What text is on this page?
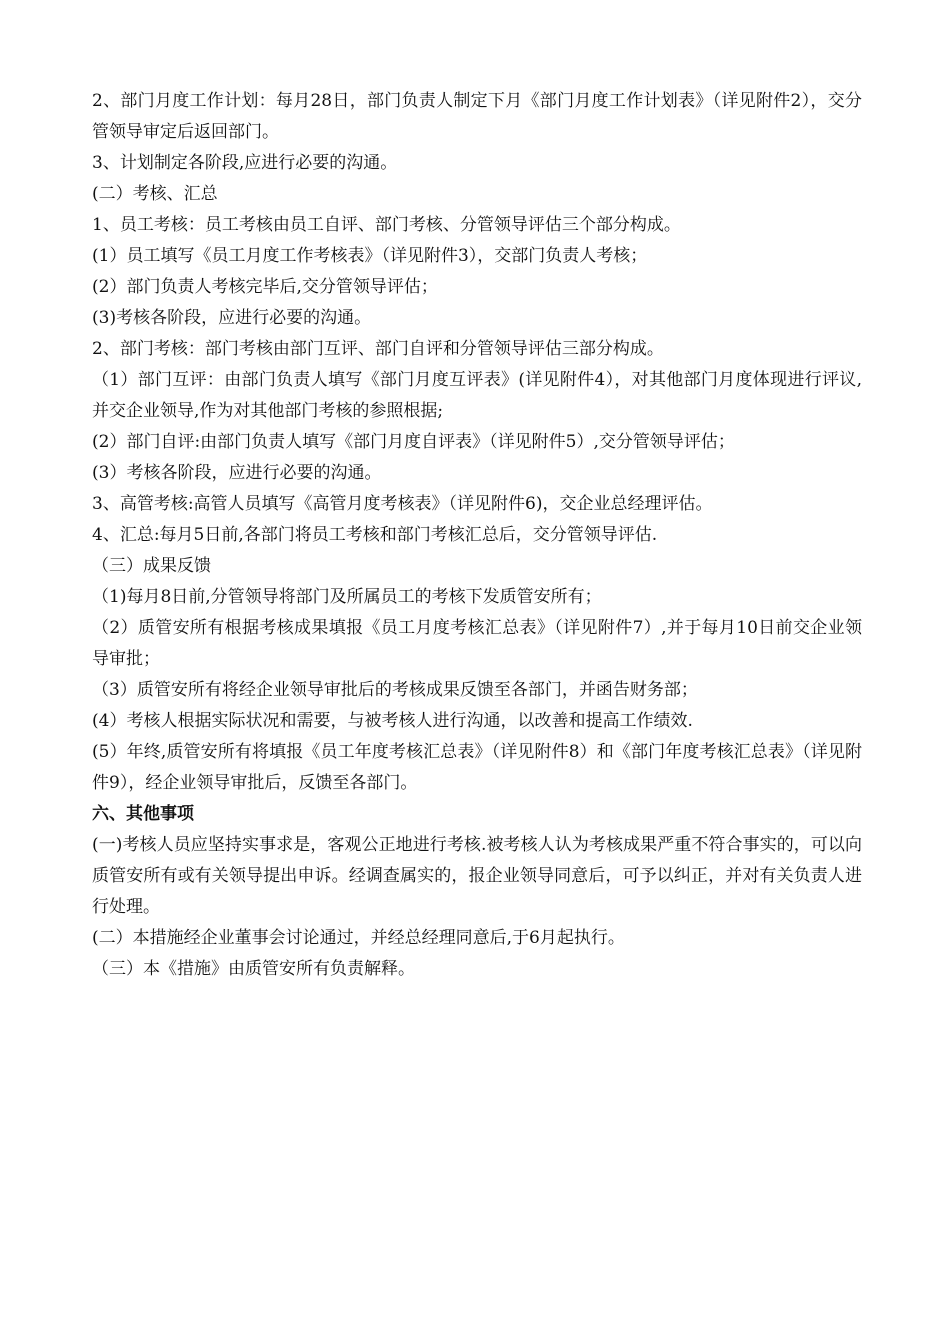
2、部门月度工作计划：每月28日，部门负责人制定下月《部门月度工作计划表》（详见附件2），交分管领导审定后返回部门。

3、计划制定各阶段,应进行必要的沟通。

(二）考核、汇总

1、员工考核：员工考核由员工自评、部门考核、分管领导评估三个部分构成。

(1）员工填写《员工月度工作考核表》（详见附件3），交部门负责人考核；

(2）部门负责人考核完毕后,交分管领导评估；

(3)考核各阶段，应进行必要的沟通。

2、部门考核：部门考核由部门互评、部门自评和分管领导评估三部分构成。

（1）部门互评：由部门负责人填写《部门月度互评表》(详见附件4），对其他部门月度体现进行评议,并交企业领导,作为对其他部门考核的参照根据;

(2）部门自评:由部门负责人填写《部门月度自评表》（详见附件5）,交分管领导评估；

(3）考核各阶段，应进行必要的沟通。

3、高管考核:高管人员填写《高管月度考核表》（详见附件6)，交企业总经理评估。

4、汇总:每月5日前,各部门将员工考核和部门考核汇总后，交分管领导评估.

（三）成果反馈

（1)每月8日前,分管领导将部门及所属员工的考核下发质管安所有；

（2）质管安所有根据考核成果填报《员工月度考核汇总表》（详见附件7）,并于每月10日前交企业领导审批；

（3）质管安所有将经企业领导审批后的考核成果反馈至各部门，并函告财务部；

(4）考核人根据实际状况和需要，与被考核人进行沟通，以改善和提高工作绩效.

(5）年终,质管安所有将填报《员工年度考核汇总表》（详见附件8）和《部门年度考核汇总表》（详见附件9），经企业领导审批后，反馈至各部门。

六、其他事项

(一)考核人员应坚持实事求是，客观公正地进行考核.被考核人认为考核成果严重不符合事实的，可以向质管安所有或有关领导提出申诉。经调查属实的，报企业领导同意后，可予以纠正，并对有关负责人进行处理。

(二）本措施经企业董事会讨论通过，并经总经理同意后,于6月起执行。

（三）本《措施》由质管安所有负责解释。
